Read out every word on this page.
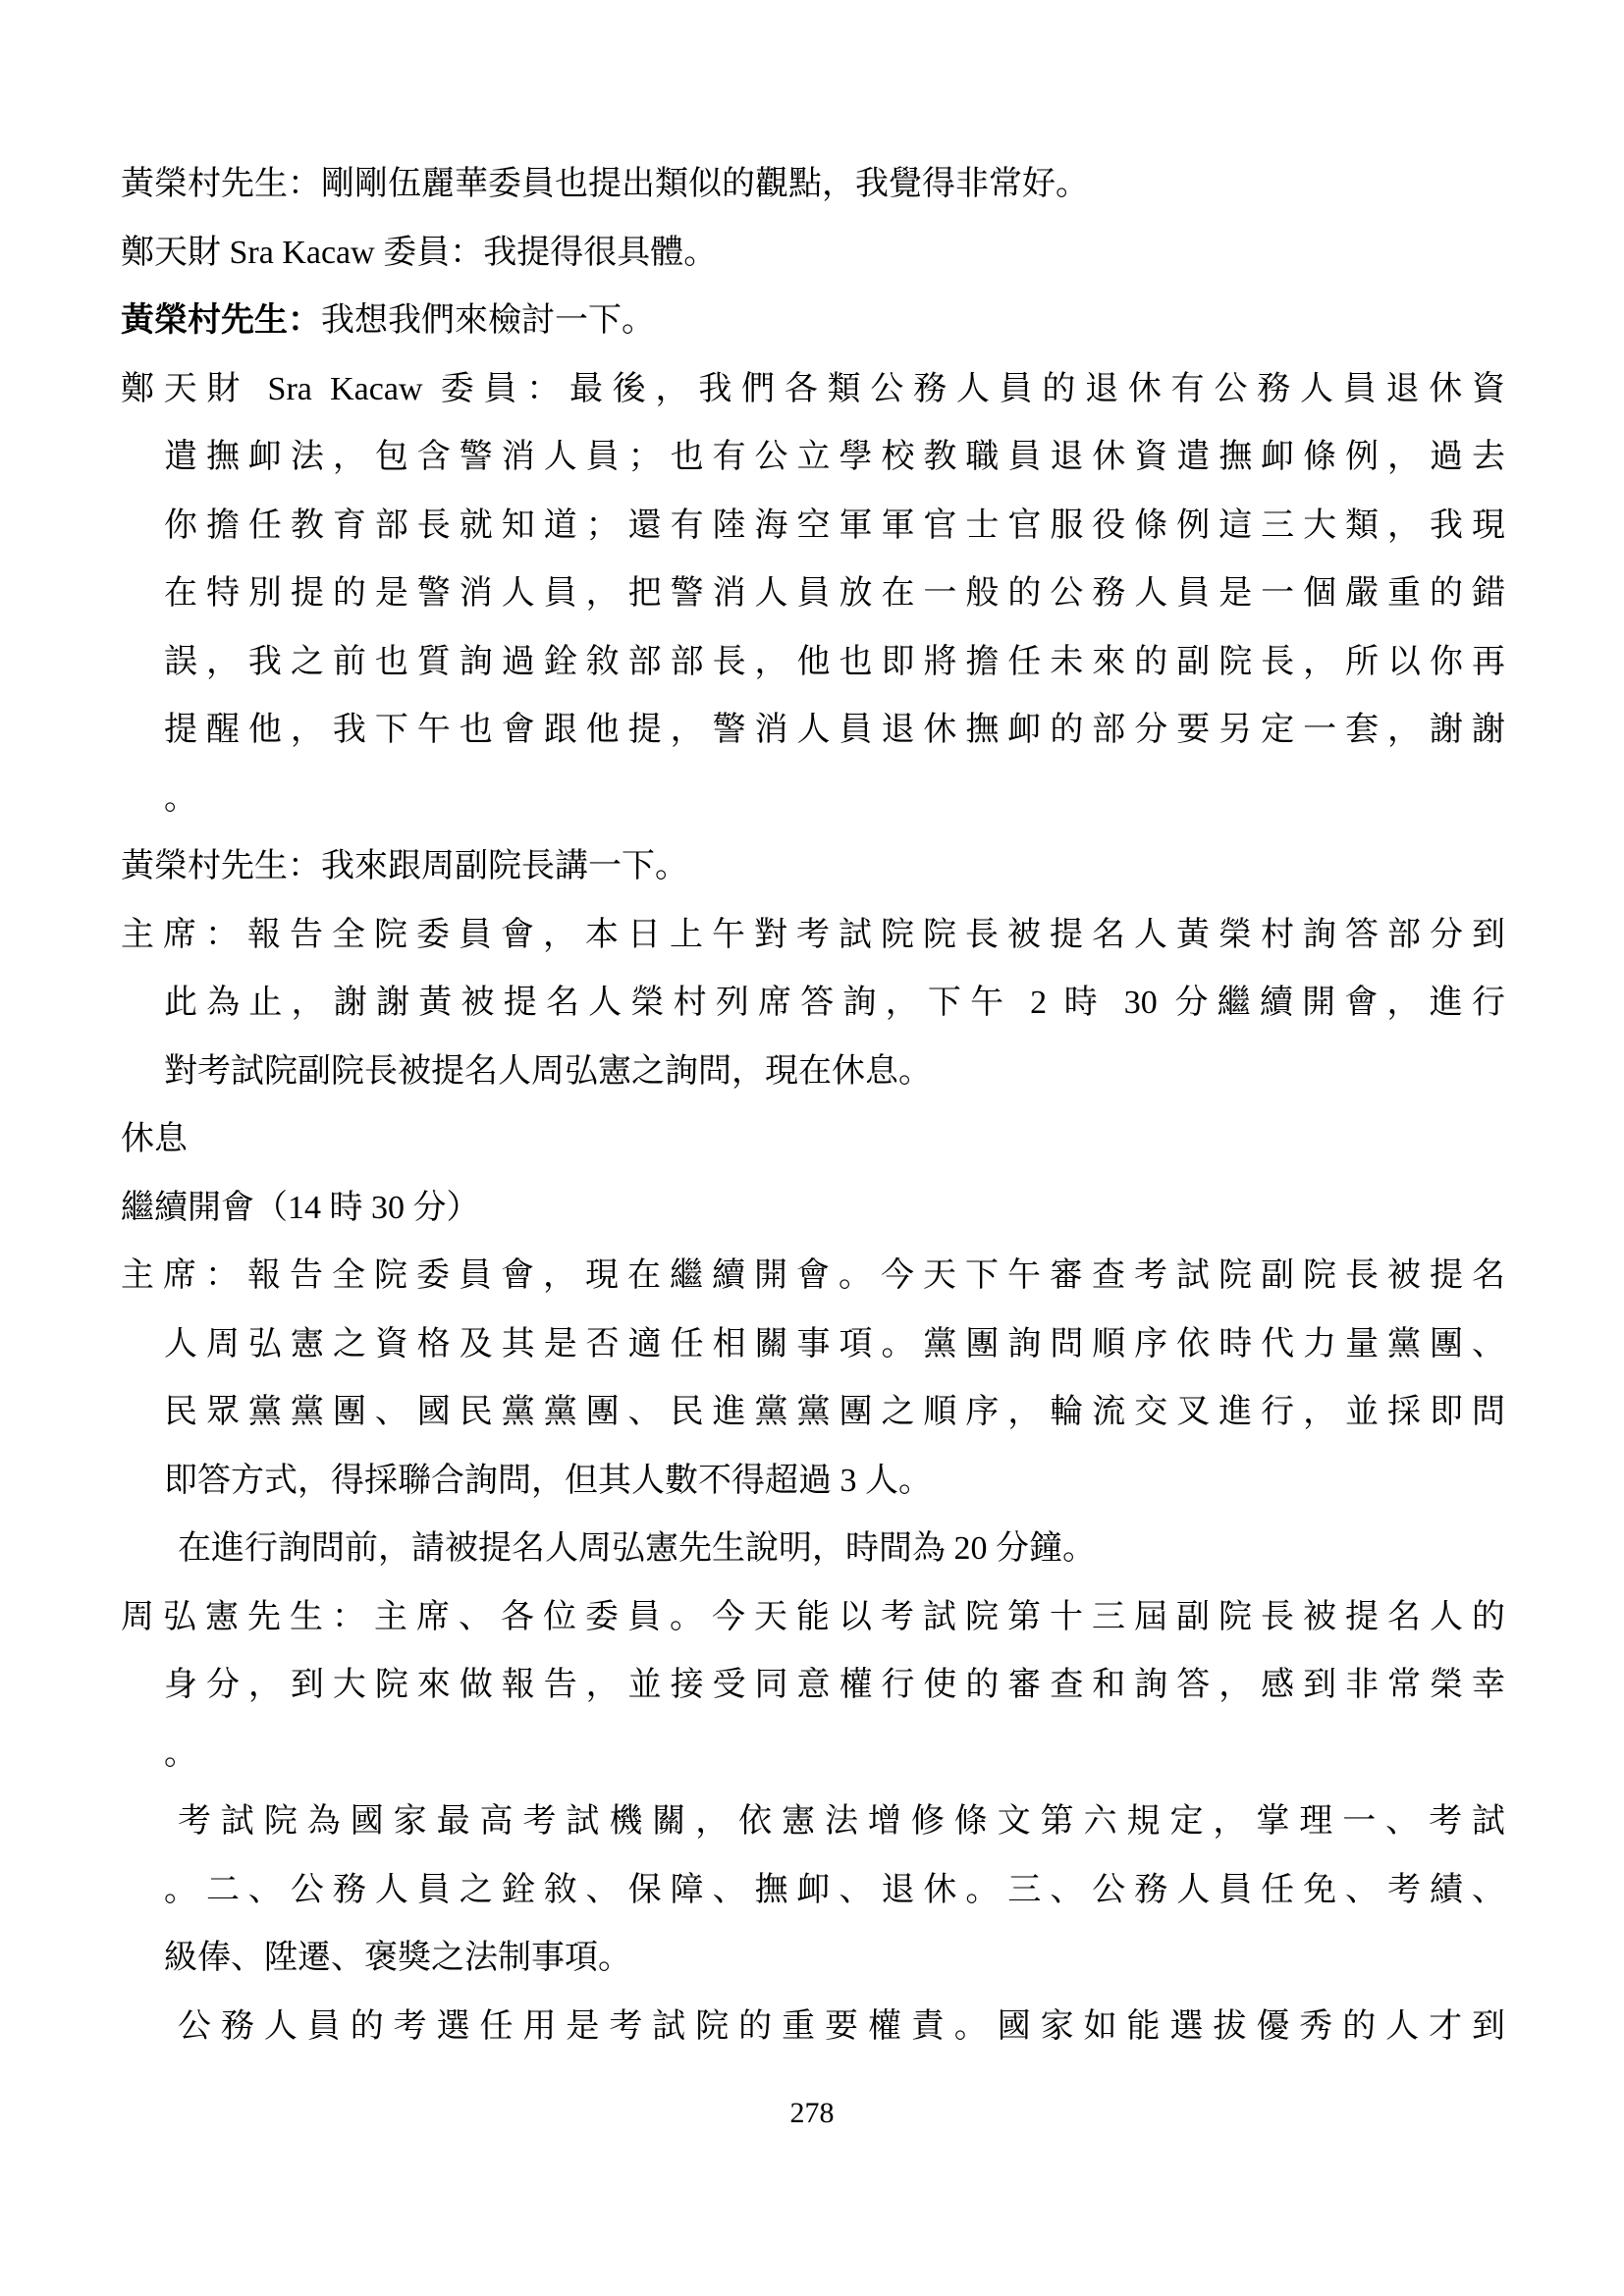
黃榮村先生：剛剛伍麗華委員也提出類似的觀點，我覺得非常好。
鄭天財 Sra Kacaw 委員：我提得很具體。
黃榮村先生：我想我們來檢討一下。
鄭天財 Sra Kacaw 委員：最後，我們各類公務人員的退休有公務人員退休資
遣撫卹法，包含警消人員；也有公立學校教職員退休資遣撫卹條例，過去
你擔任教育部長就知道；還有陸海空軍軍官士官服役條例這三大類，我現
在特別提的是警消人員，把警消人員放在一般的公務人員是一個嚴重的錯
誤，我之前也質詢過銓敘部部長，他也即將擔任未來的副院長，所以你再
提醒他，我下午也會跟他提，警消人員退休撫卹的部分要另定一套，謝謝
。
黃榮村先生：我來跟周副院長講一下。
主席：報告全院委員會，本日上午對考試院院長被提名人黃榮村詢答部分到
此為止，謝謝黃被提名人榮村列席答詢，下午 2 時 30 分繼續開會，進行
對考試院副院長被提名人周弘憲之詢問，現在休息。
休息
繼續開會（14 時 30 分）
主席：報告全院委員會，現在繼續開會。今天下午審查考試院副院長被提名
人周弘憲之資格及其是否適任相關事項。黨團詢問順序依時代力量黨團、
民眾黨黨團、國民黨黨團、民進黨黨團之順序，輪流交叉進行，並採即問
即答方式，得採聯合詢問，但其人數不得超過 3 人。
在進行詢問前，請被提名人周弘憲先生說明，時間為 20 分鐘。
周弘憲先生：主席、各位委員。今天能以考試院第十三屆副院長被提名人的
身分，到大院來做報告，並接受同意權行使的審查和詢答，感到非常榮幸
。
考試院為國家最高考試機關，依憲法增修條文第六規定，掌理一、考試
。二、公務人員之銓敘、保障、撫卹、退休。三、公務人員任免、考績、
級俸、陞遷、褒獎之法制事項。
公務人員的考選任用是考試院的重要權責。國家如能選拔優秀的人才到
278
